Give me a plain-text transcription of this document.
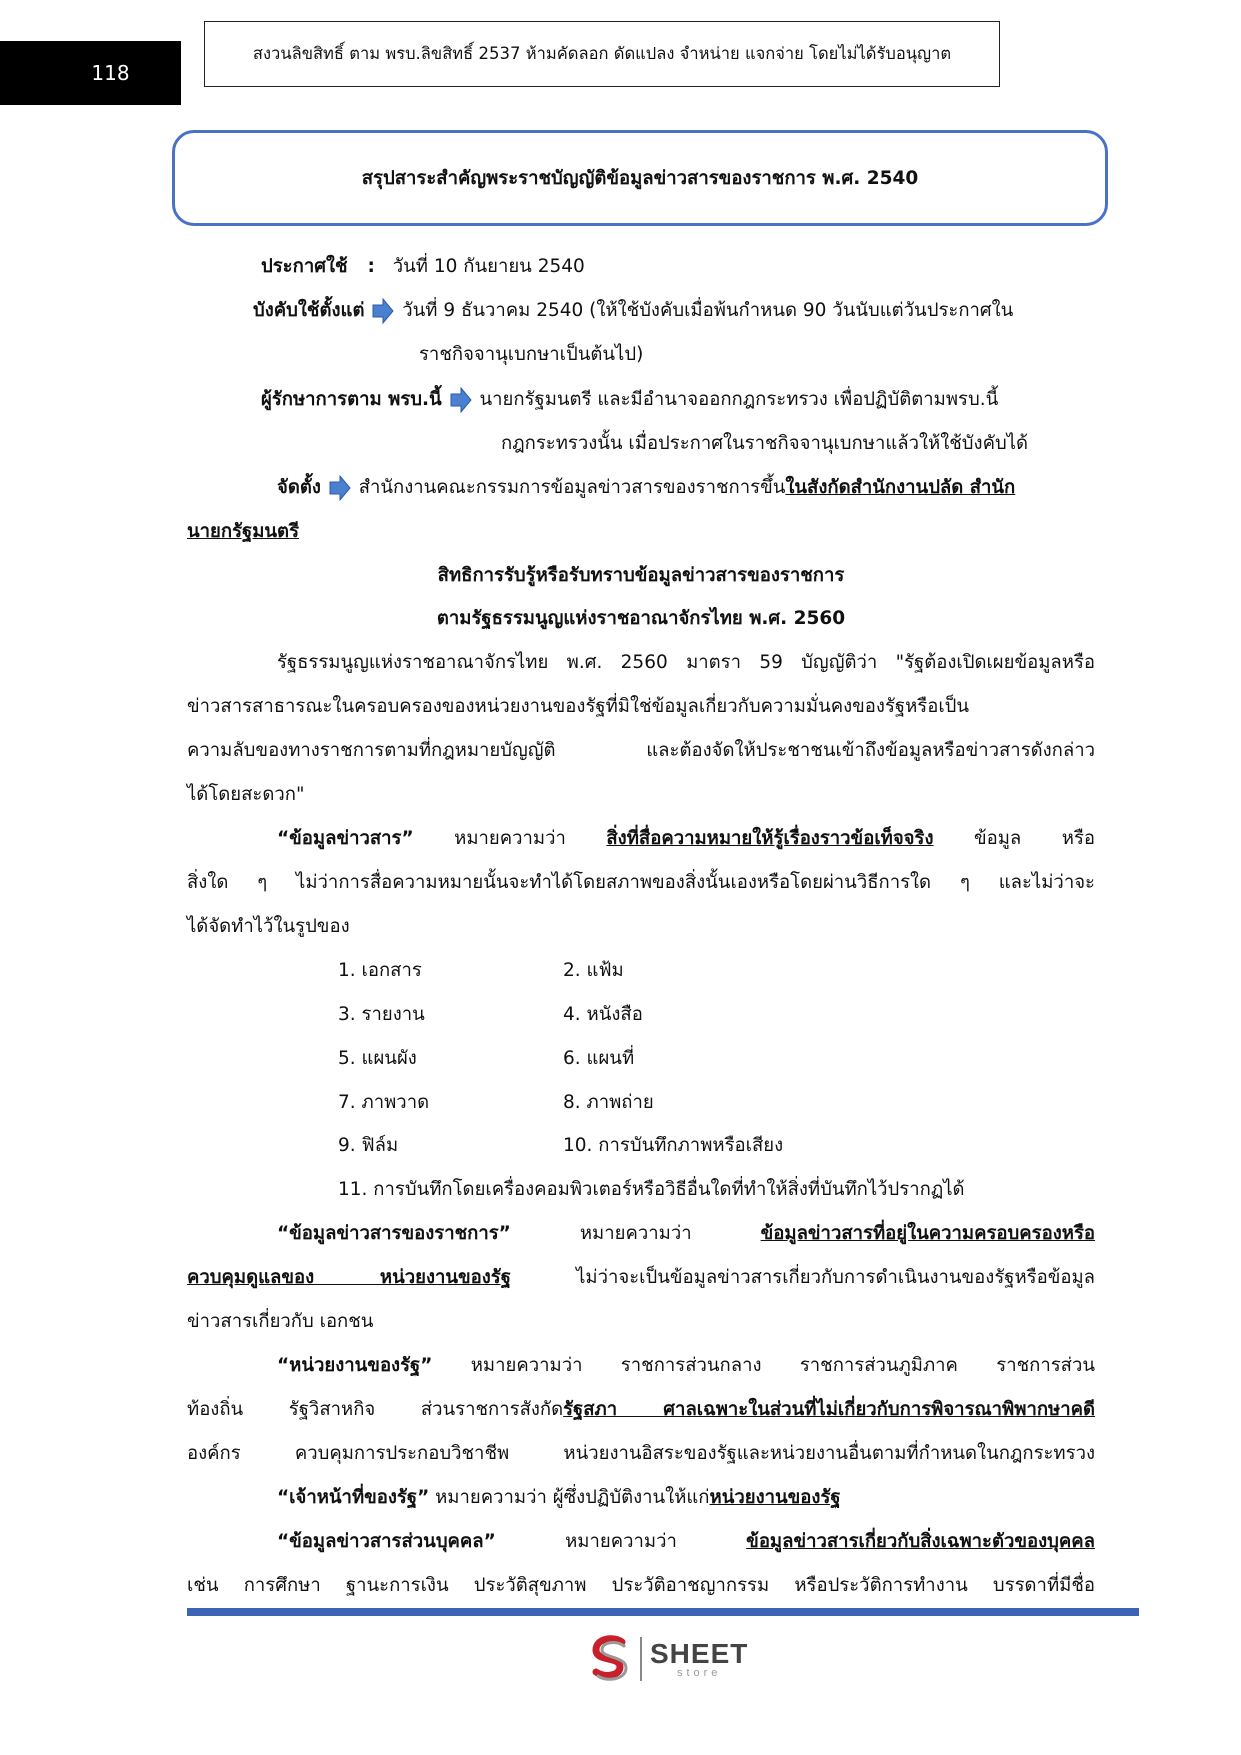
118
สงวนลิขสิทธิ์ ตาม พรบ.ลิขสิทธิ์ 2537 ห้ามคัดลอก ดัดแปลง จำหน่าย แจกจ่าย โดยไม่ได้รับอนุญาต
สรุปสาระสำคัญพระราชบัญญัติข้อมูลข่าวสารของราชการ พ.ศ. 2540
ประกาศใช้ : วันที่ 10 กันยายน 2540
บังคับใช้ตั้งแต่ วันที่ 9 ธันวาคม 2540 (ให้ใช้บังคับเมื่อพ้นกำหนด 90 วันนับแต่วันประกาศใน
ราชกิจจานุเบกษาเป็นต้นไป)
ผู้รักษาการตาม พรบ.นี้ นายกรัฐมนตรี และมีอำนาจออกกฎกระทรวง เพื่อปฏิบัติตามพรบ.นี้
กฎกระทรวงนั้น เมื่อประกาศในราชกิจจานุเบกษาแล้วให้ใช้บังคับได้
จัดตั้ง สำนักงานคณะกรรมการข้อมูลข่าวสารของราชการขึ้นในสังกัดสำนักงานปลัด สำนัก
นายกรัฐมนตรี
สิทธิการรับรู้หรือรับทราบข้อมูลข่าวสารของราชการ
ตามรัฐธรรมนูญแห่งราชอาณาจักรไทย พ.ศ. 2560
รัฐธรรมนูญแห่งราชอาณาจักรไทย พ.ศ. 2560 มาตรา 59 บัญญัติว่า "รัฐต้องเปิดเผยข้อมูลหรือ
ข่าวสารสาธารณะในครอบครองของหน่วยงานของรัฐที่มิใช่ข้อมูลเกี่ยวกับความมั่นคงของรัฐหรือเป็น
ความลับของทางราชการตามที่กฎหมายบัญญัติ และต้องจัดให้ประชาชนเข้าถึงข้อมูลหรือข่าวสารดังกล่าว
ได้โดยสะดวก"
“ข้อมูลข่าวสาร” หมายความว่า สิ่งที่สื่อความหมายให้รู้เรื่องราวข้อเท็จจริง ข้อมูล หรือ
สิ่งใด ๆ ไม่ว่าการสื่อความหมายนั้นจะทำได้โดยสภาพของสิ่งนั้นเองหรือโดยผ่านวิธีการใด ๆ และไม่ว่าจะ
ได้จัดทำไว้ในรูปของ
1. เอกสาร	2. แฟ้ม
3. รายงาน	4. หนังสือ
5. แผนผัง	6. แผนที่
7. ภาพวาด	8. ภาพถ่าย
9. ฟิล์ม	10. การบันทึกภาพหรือเสียง
11. การบันทึกโดยเครื่องคอมพิวเตอร์หรือวิธีอื่นใดที่ทำให้สิ่งที่บันทึกไว้ปรากฏได้
“ข้อมูลข่าวสารของราชการ” หมายความว่า ข้อมูลข่าวสารที่อยู่ในความครอบครองหรือ
ควบคุมดูแลของ หน่วยงานของรัฐ ไม่ว่าจะเป็นข้อมูลข่าวสารเกี่ยวกับการดำเนินงานของรัฐหรือข้อมูล
ข่าวสารเกี่ยวกับ เอกชน
“หน่วยงานของรัฐ” หมายความว่า ราชการส่วนกลาง ราชการส่วนภูมิภาค ราชการส่วน
ท้องถิ่น รัฐวิสาหกิจ ส่วนราชการสังกัดรัฐสภา ศาลเฉพาะในส่วนที่ไม่เกี่ยวกับการพิจารณาพิพากษาคดี
องค์กร ควบคุมการประกอบวิชาชีพ หน่วยงานอิสระของรัฐและหน่วยงานอื่นตามที่กำหนดในกฎกระทรวง
“เจ้าหน้าที่ของรัฐ” หมายความว่า ผู้ซึ่งปฏิบัติงานให้แก่หน่วยงานของรัฐ
“ข้อมูลข่าวสารส่วนบุคคล” หมายความว่า ข้อมูลข่าวสารเกี่ยวกับสิ่งเฉพาะตัวของบุคคล
เช่น การศึกษา ฐานะการเงิน ประวัติสุขภาพ ประวัติอาชญากรรม หรือประวัติการทำงาน บรรดาที่มีชื่อ
SHEET
store
